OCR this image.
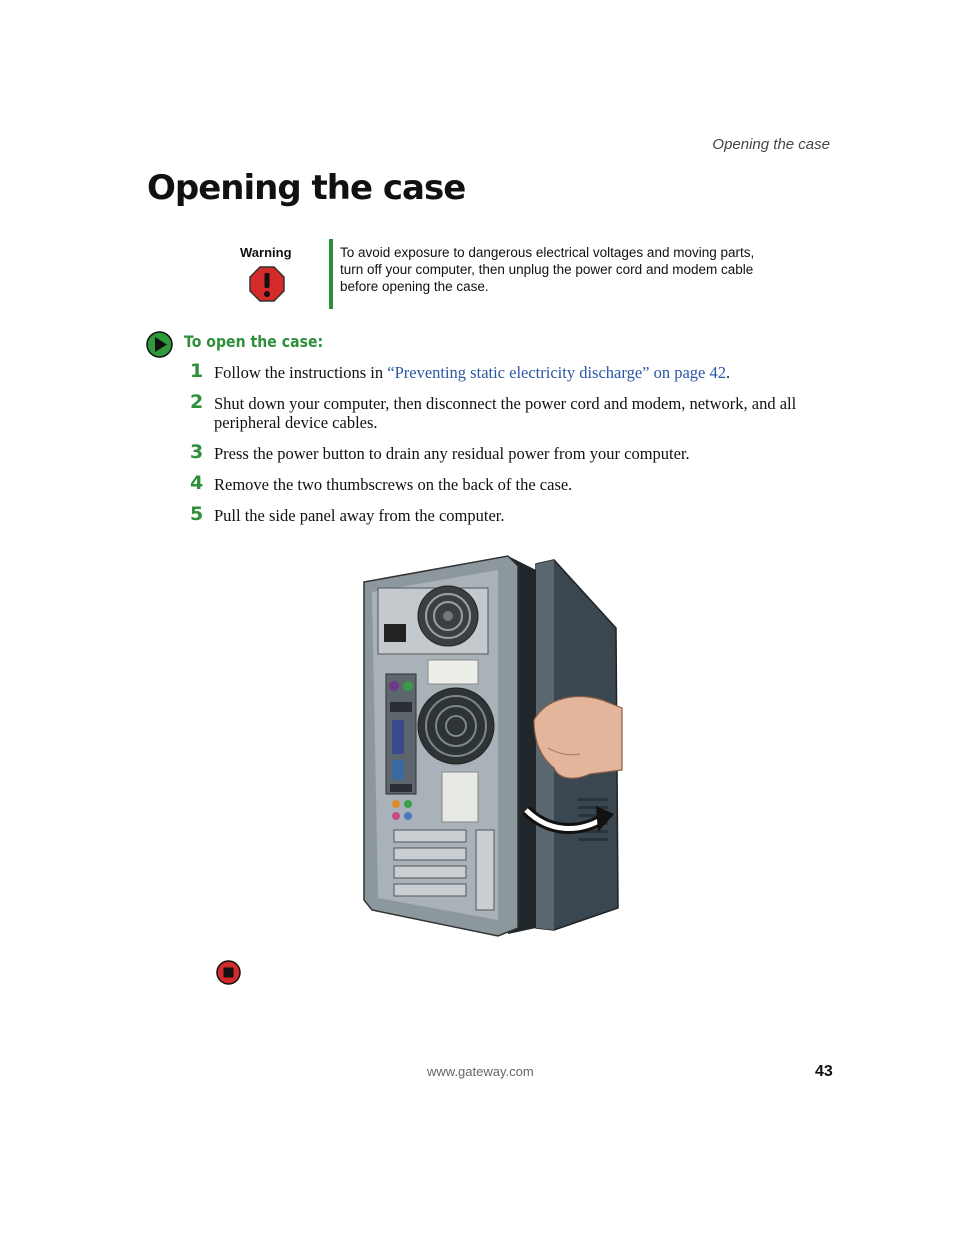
Opening the case
Opening the case
Warning	To avoid exposure to dangerous electrical voltages and moving parts, turn off your computer, then unplug the power cord and modem cable before opening the case.
To open the case:
1 Follow the instructions in “Preventing static electricity discharge” on page 42.
2 Shut down your computer, then disconnect the power cord and modem, network, and all peripheral device cables.
3 Press the power button to drain any residual power from your computer.
4 Remove the two thumbscrews on the back of the case.
5 Pull the side panel away from the computer.
www.gateway.com	43
